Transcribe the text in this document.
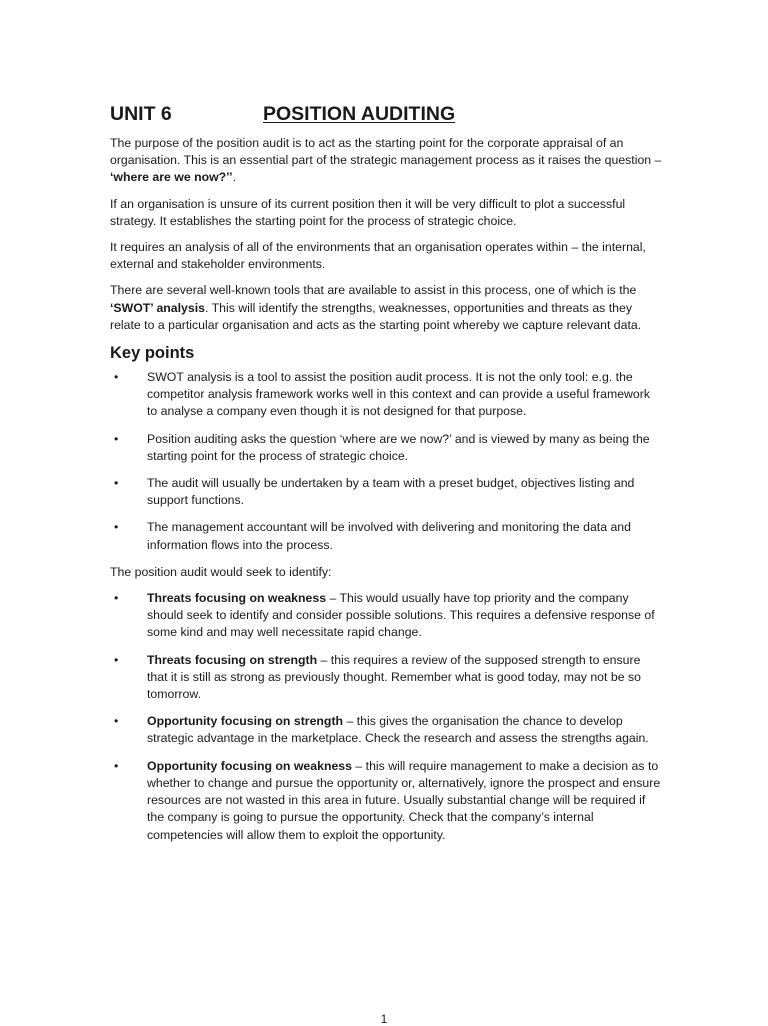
UNIT 6	POSITION AUDITING

The purpose of the position audit is to act as the starting point for the corporate appraisal of an organisation. This is an essential part of the strategic management process as it raises the question – ‘where are we now?’’.

If an organisation is unsure of its current position then it will be very difficult to plot a successful strategy. It establishes the starting point for the process of strategic choice.

It requires an analysis of all of the environments that an organisation operates within – the internal, external and stakeholder environments.

There are several well-known tools that are available to assist in this process, one of which is the ‘SWOT’ analysis. This will identify the strengths, weaknesses, opportunities and threats as they relate to a particular organisation and acts as the starting point whereby we capture relevant data.

Key points
• SWOT analysis is a tool to assist the position audit process. It is not the only tool: e.g. the competitor analysis framework works well in this context and can provide a useful framework to analyse a company even though it is not designed for that purpose.
• Position auditing asks the question ‘where are we now?’ and is viewed by many as being the starting point for the process of strategic choice.
• The audit will usually be undertaken by a team with a preset budget, objectives listing and support functions.
• The management accountant will be involved with delivering and monitoring the data and information flows into the process.

The position audit would seek to identify:

• Threats focusing on weakness – This would usually have top priority and the company should seek to identify and consider possible solutions. This requires a defensive response of some kind and may well necessitate rapid change.
• Threats focusing on strength – this requires a review of the supposed strength to ensure that it is still as strong as previously thought. Remember what is good today, may not be so tomorrow.
• Opportunity focusing on strength – this gives the organisation the chance to develop strategic advantage in the marketplace. Check the research and assess the strengths again.
• Opportunity focusing on weakness – this will require management to make a decision as to whether to change and pursue the opportunity or, alternatively, ignore the prospect and ensure resources are not wasted in this area in future. Usually substantial change will be required if the company is going to pursue the opportunity. Check that the company’s internal competencies will allow them to exploit the opportunity.
1
